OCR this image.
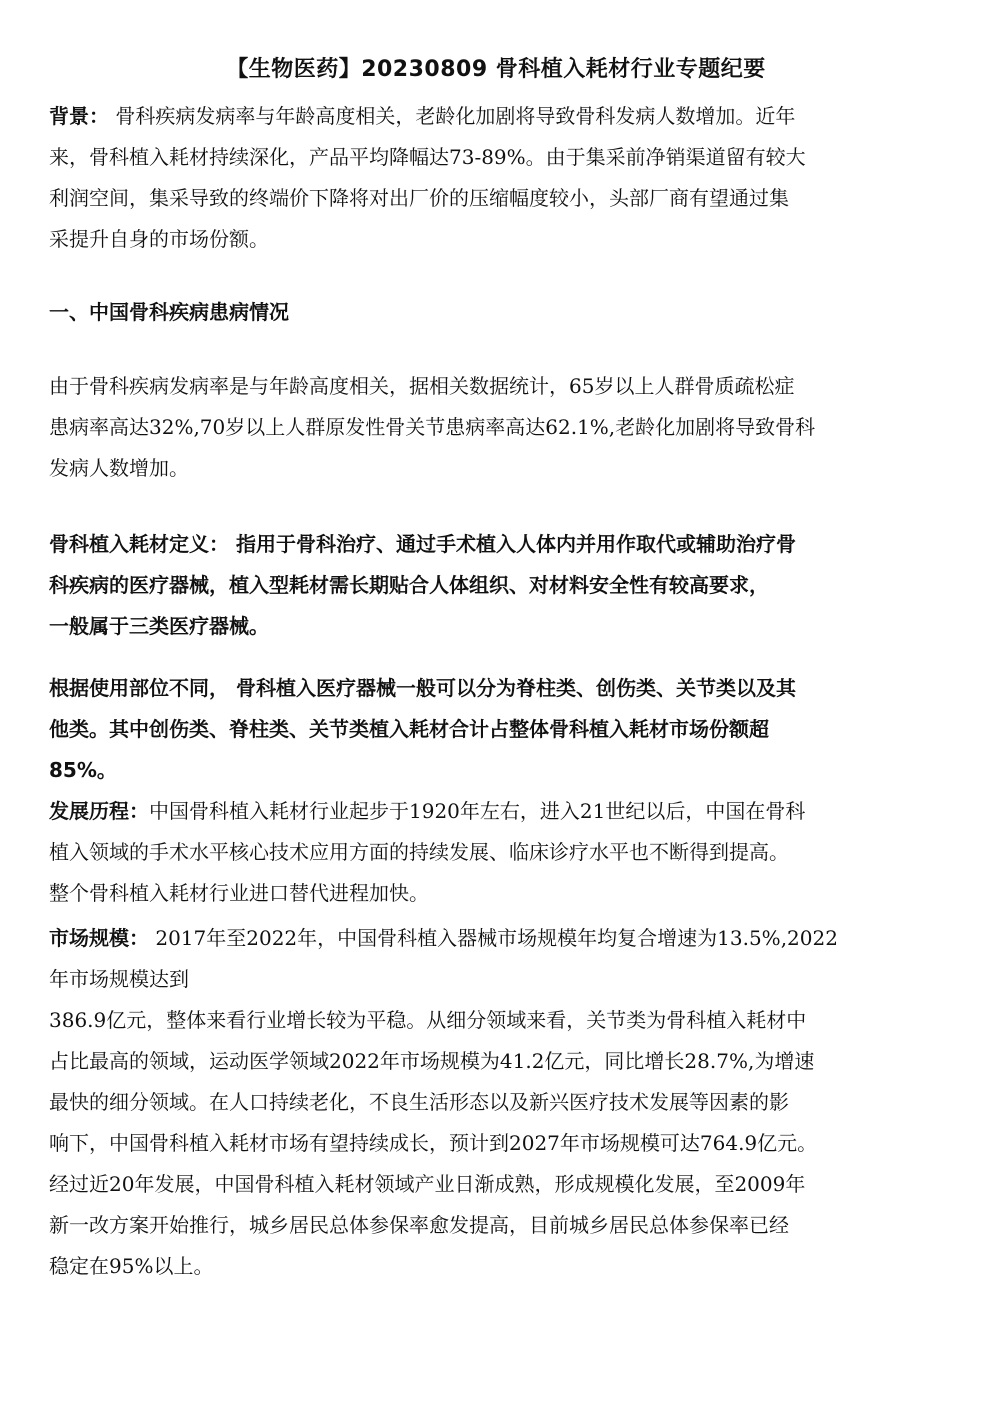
【生物医药】20230809 骨科植入耗材行业专题纪要
背景： 骨科疾病发病率与年龄高度相关，老龄化加剧将导致骨科发病人数增加。近年
来，骨科植入耗材持续深化，产品平均降幅达73-89%。由于集采前净销渠道留有较大
利润空间，集采导致的终端价下降将对出厂价的压缩幅度较小，头部厂商有望通过集
采提升自身的市场份额。
一、中国骨科疾病患病情况
由于骨科疾病发病率是与年龄高度相关，据相关数据统计，65岁以上人群骨质疏松症
患病率高达32%,70岁以上人群原发性骨关节患病率高达62.1%,老龄化加剧将导致骨科
发病人数增加。
骨科植入耗材定义： 指用于骨科治疗、通过手术植入人体内并用作取代或辅助治疗骨
科疾病的医疗器械，植入型耗材需长期贴合人体组织、对材料安全性有较高要求，
一般属于三类医疗器械。
根据使用部位不同， 骨科植入医疗器械一般可以分为脊柱类、创伤类、关节类以及其
他类。其中创伤类、脊柱类、关节类植入耗材合计占整体骨科植入耗材市场份额超
85%。
发展历程：中国骨科植入耗材行业起步于1920年左右，进入21世纪以后，中国在骨科
植入领域的手术水平核心技术应用方面的持续发展、临床诊疗水平也不断得到提高。
整个骨科植入耗材行业进口替代进程加快。
市场规模： 2017年至2022年，中国骨科植入器械市场规模年均复合增速为13.5%,2022
年市场规模达到
386.9亿元，整体来看行业增长较为平稳。从细分领域来看，关节类为骨科植入耗材中
占比最高的领域，运动医学领域2022年市场规模为41.2亿元，同比增长28.7%,为增速
最快的细分领域。在人口持续老化，不良生活形态以及新兴医疗技术发展等因素的影
响下，中国骨科植入耗材市场有望持续成长，预计到2027年市场规模可达764.9亿元。
经过近20年发展，中国骨科植入耗材领域产业日渐成熟，形成规模化发展，至2009年
新一改方案开始推行，城乡居民总体参保率愈发提高，目前城乡居民总体参保率已经
稳定在95%以上。
